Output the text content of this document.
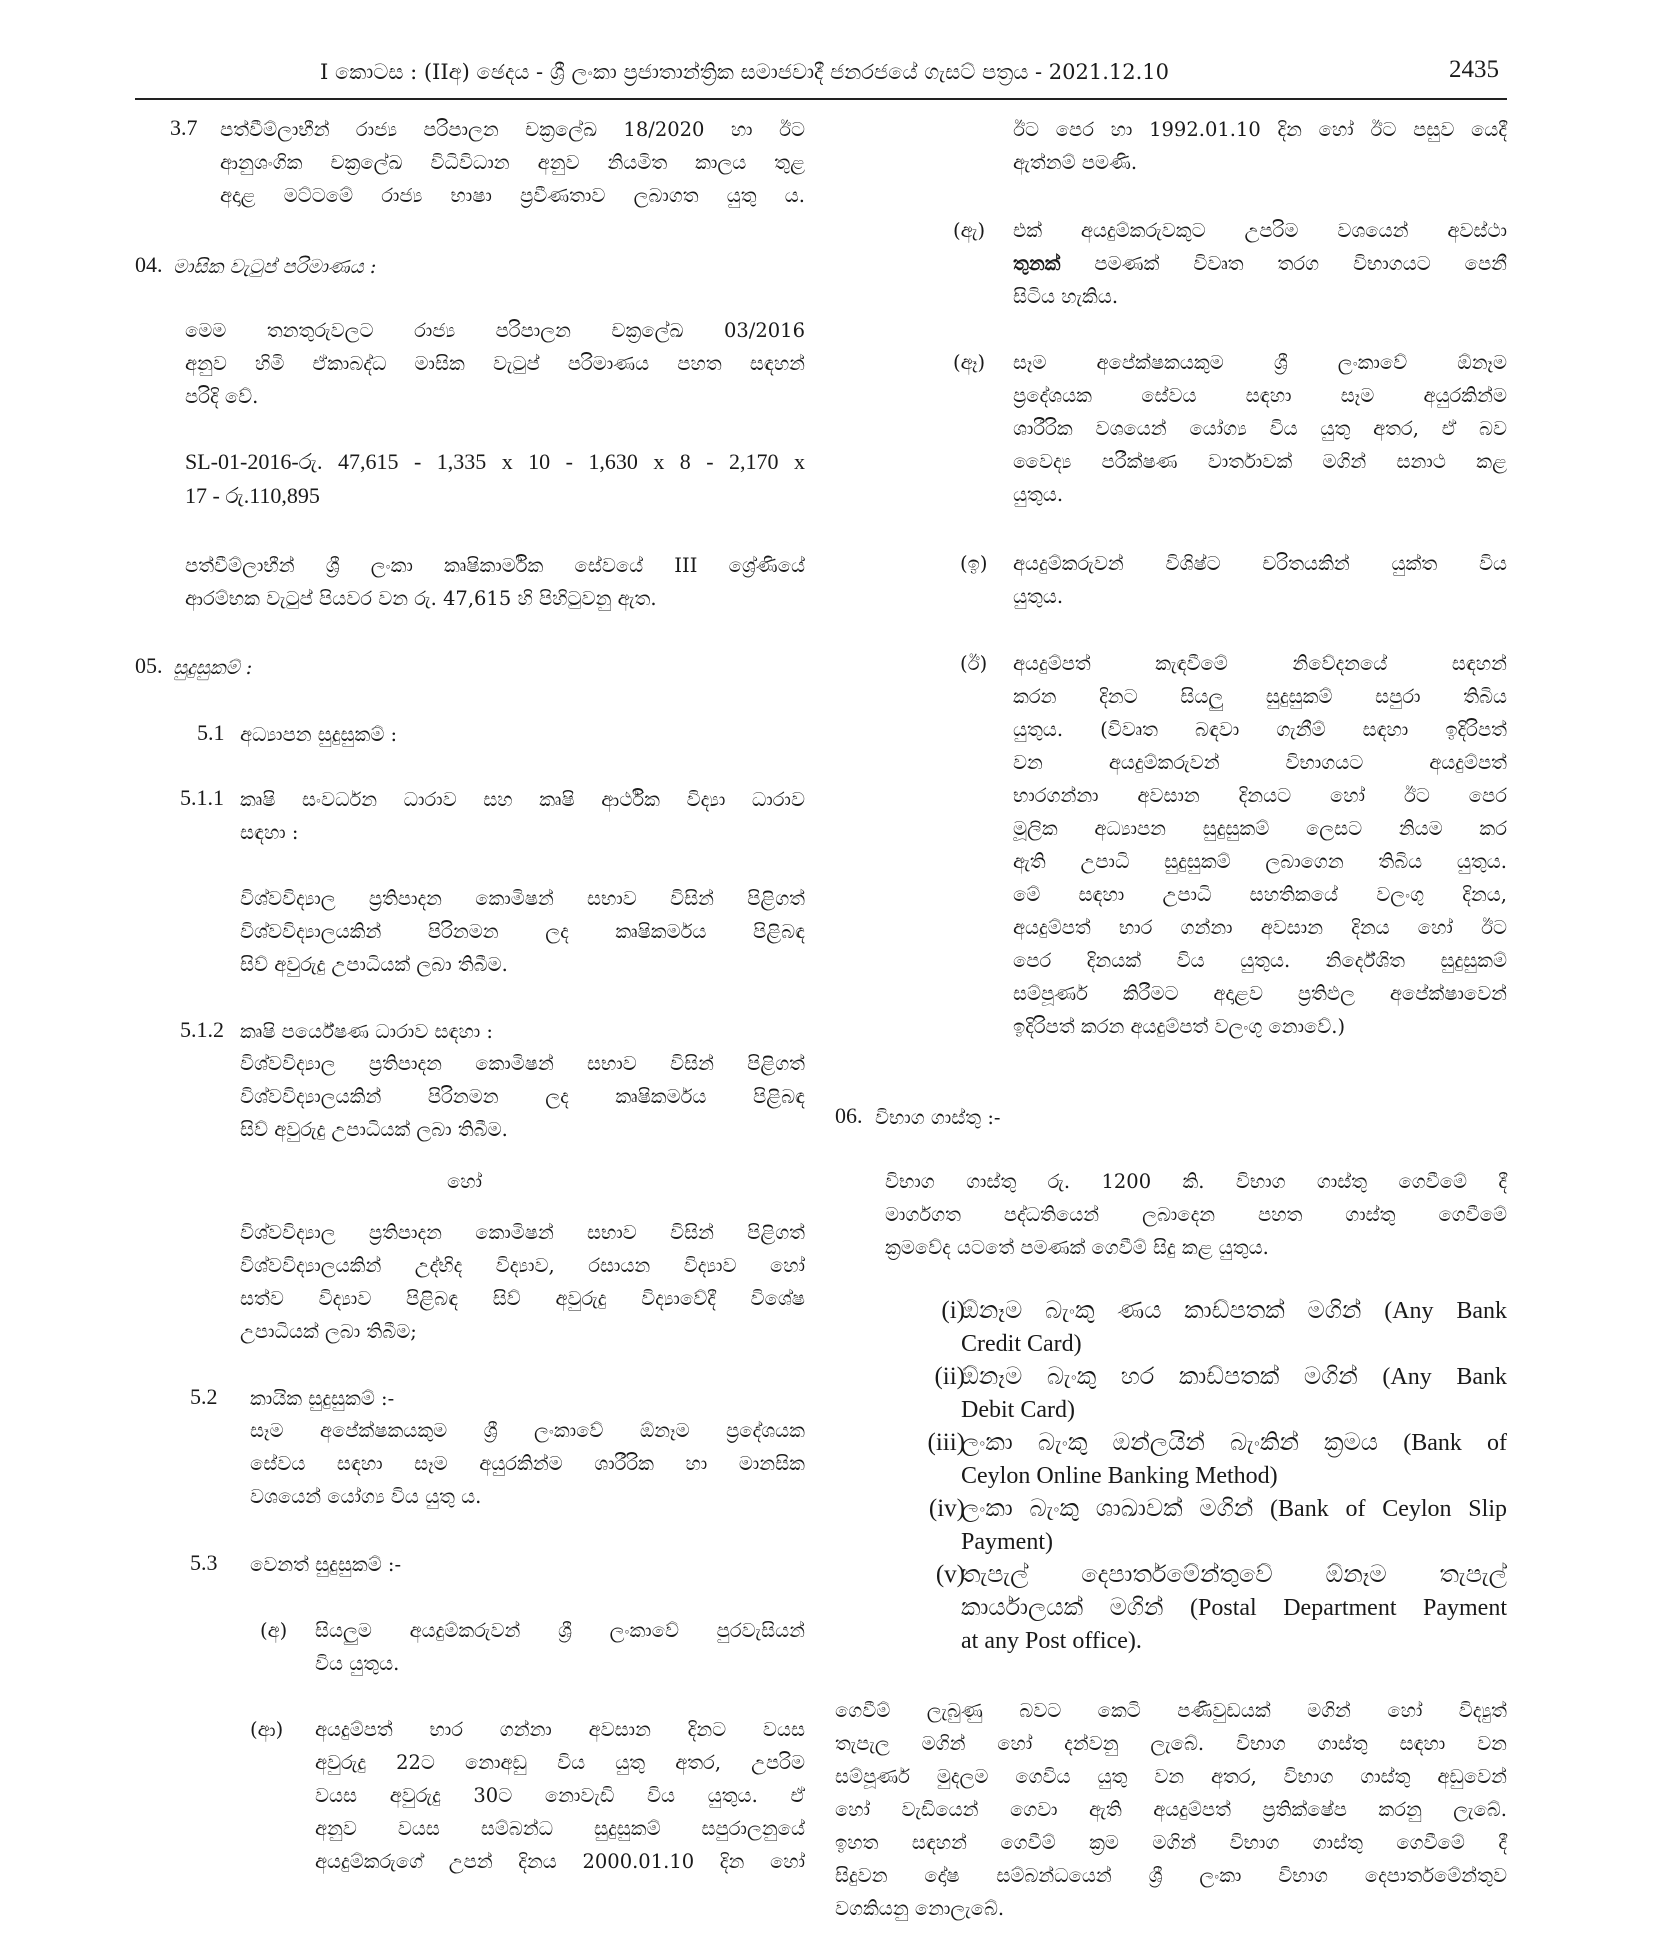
I කොටස : (IIඅ) ඡෙදය - ශ්‍රී ලංකා ප්‍රජාතාන්ත්‍රික සමාජවාදී ජනරජයේ ගැසට් පත්‍රය - 2021.12.10	2435
3.7 පත්වීම්ලාභීන් රාජ්‍ය පරිපාලන චක්‍රලේඛ 18/2020 හා ඊට
ආනුශංගික චක්‍රලේඛ විධිවිධාන අනුව නියමිත කාලය තුළ
අදාළ මට්ටමේ රාජ්‍ය භාෂා ප්‍රවීණතාව ලබාගත යුතු ය.
04. මාසික වැටුප් පරිමාණය :
මෙම තනතුරුවලට රාජ්‍ය පරිපාලන චක්‍රලේඛ 03/2016
අනුව හිමි ඒකාබද්ධ මාසික වැටුප් පරිමාණය පහත සඳහන්
පරිදි වේ.
SL-01-2016-රු. 47,615 - 1,335 x 10 - 1,630 x 8 - 2,170 x
17 - රු.110,895
පත්වීම්ලාභීන් ශ්‍රී ලංකා කෘෂිකාර්මික සේවයේ III ශ්‍රේණියේ
ආරම්භක වැටුප් පියවර වන රු. 47,615 හි පිහිටුවනු ඇත.
05. සුදුසුකම් :
5.1 අධ්‍යාපන සුදුසුකම් :
5.1.1 කෘෂි සංවර්ධන ධාරාව සහ කෘෂි ආර්ථික විද්‍යා ධාරාව
සඳහා :
විශ්වවිද්‍යාල ප්‍රතිපාදන කොමිෂන් සභාව විසින් පිළිගත්
විශ්වවිද්‍යාලයකින් පිරිනමන ලද කෘෂිකර්මය පිළිබඳ
සිව් අවුරුදු උපාධියක් ලබා තිබීම.
5.1.2 කෘෂි පර්යේෂණ ධාරාව සඳහා :
විශ්වවිද්‍යාල ප්‍රතිපාදන කොමිෂන් සභාව විසින් පිළිගත්
විශ්වවිද්‍යාලයකින් පිරිනමන ලද කෘෂිකර්මය පිළිබඳ
සිව් අවුරුදු උපාධියක් ලබා තිබීම.
හෝ
විශ්වවිද්‍යාල ප්‍රතිපාදන කොමිෂන් සභාව විසින් පිළිගත්
විශ්වවිද්‍යාලයකින් උද්භිද විද්‍යාව, රසායන විද්‍යාව හෝ
සත්ව විද්‍යාව පිළිබඳ සිව් අවුරුදු විද්‍යාවේදී විශේෂ
උපාධියක් ලබා තිබීම;
5.2 කායික සුදුසුකම් :-
සෑම අපේක්ෂකයකුම ශ්‍රී ලංකාවේ ඕනෑම ප්‍රදේශයක
සේවය සඳහා සෑම අයුරකින්ම ශාරීරික හා මානසික
වශයෙන් යෝග්‍ය විය යුතු ය.
5.3 වෙනත් සුදුසුකම් :-
(අ) සියලුම අයදුම්කරුවන් ශ්‍රී ලංකාවේ පුරවැසියන්
විය යුතුය.
(ආ) අයදුම්පත් භාර ගන්නා අවසාන දිනට වයස
අවුරුදු 22ට නොඅඩු විය යුතු අතර, උපරිම
වයස අවුරුදු 30ට නොවැඩි විය යුතුය. ඒ
අනුව වයස සම්බන්ධ සුදුසුකම් සපුරාලනුයේ
අයදුම්කරුගේ උපන් දිනය 2000.01.10 දින හෝ
ඊට පෙර හා 1992.01.10 දින හෝ ඊට පසුව යෙදී
ඇත්නම් පමණි.
(ඇ) එක් අයදුම්කරුවකුට උපරිම වශයෙන් අවස්ථා
තුනක් පමණක් විවෘත තරග විභාගයට පෙනී
සිටිය හැකිය.
(ඈ) සෑම අපේක්ෂකයකුම ශ්‍රී ලංකාවේ ඕනෑම
ප්‍රදේශයක සේවය සඳහා සෑම අයුරකින්ම
ශාරීරික වශයෙන් යෝග්‍ය විය යුතු අතර, ඒ බව
වෛද්‍ය පරීක්ෂණ වාර්තාවක් මගින් සනාථ කළ
යුතුය.
(ඉ) අයදුම්කරුවන් විශිෂ්ට චරිතයකින් යුක්ත විය
යුතුය.
(ඊ) අයදුම්පත් කැඳවීමේ නිවේදනයේ සඳහන්
කරන දිනට සියලු සුදුසුකම් සපුරා තිබිය
යුතුය. (විවෘත බඳවා ගැනීම් සඳහා ඉදිරිපත්
වන අයදුම්කරුවන් විභාගයට අයදුම්පත්
භාරගන්නා අවසාන දිනයට හෝ ඊට පෙර
මූලික අධ්‍යාපන සුදුසුකම් ලෙසට නියම කර
ඇති උපාධි සුදුසුකම් ලබාගෙන තිබිය යුතුය.
මේ සඳහා උපාධි සහතිකයේ වලංගු දිනය,
අයදුම්පත් භාර ගන්නා අවසාන දිනය හෝ ඊට
පෙර දිනයක් විය යුතුය. නිර්දේශිත සුදුසුකම්
සම්පූර්ණ කිරීමට අදාළව ප්‍රතිඵල අපේක්ෂාවෙන්
ඉදිරිපත් කරන අයදුම්පත් වලංගු නොවේ.)
06. විභාග ගාස්තු :-
විභාග ගාස්තු රු. 1200 කි. විභාග ගාස්තු ගෙවීමේ දී
මාර්ගගත පද්ධතියෙන් ලබාදෙන පහත ගාස්තු ගෙවීමේ
ක්‍රමවේද යටතේ පමණක් ගෙවීම් සිදු කළ යුතුය.
(i)
ඕනෑම බැංකු ණය කාඩ්පතක් මගින් (Any Bank
Credit Card)
(ii)
ඕනෑම බැංකු හර කාඩ්පතක් මගින් (Any Bank
Debit Card)
(iii)
ලංකා බැංකු ඔන්ලයින් බැංකින් ක්‍රමය (Bank of
Ceylon Online Banking Method)
(iv)
ලංකා බැංකු ශාඛාවක් මගින් (Bank of Ceylon Slip
Payment)
(v)
තැපැල් දෙපාර්තමේන්තුවේ ඕනෑම තැපැල්
කාර්යාලයක් මගින් (Postal Department Payment
at any Post office).
ගෙවීම් ලැබුණු බවට කෙටි පණිවුඩයක් මගින් හෝ විද්‍යුත්
තැපැල මගින් හෝ දන්වනු ලැබේ. විභාග ගාස්තු සඳහා වන
සම්පූර්ණ මුදලම ගෙවිය යුතු වන අතර, විභාග ගාස්තු අඩුවෙන්
හෝ වැඩියෙන් ගෙවා ඇති අයදුම්පත් ප්‍රතික්ෂේප කරනු ලැබේ.
ඉහත සඳහන් ගෙවීම් ක්‍රම මගින් විභාග ගාස්තු ගෙවීමේ දී
සිදුවන දෝෂ සම්බන්ධයෙන් ශ්‍රී ලංකා විභාග දෙපාර්තමේන්තුව
වගකියනු නොලැබේ.
